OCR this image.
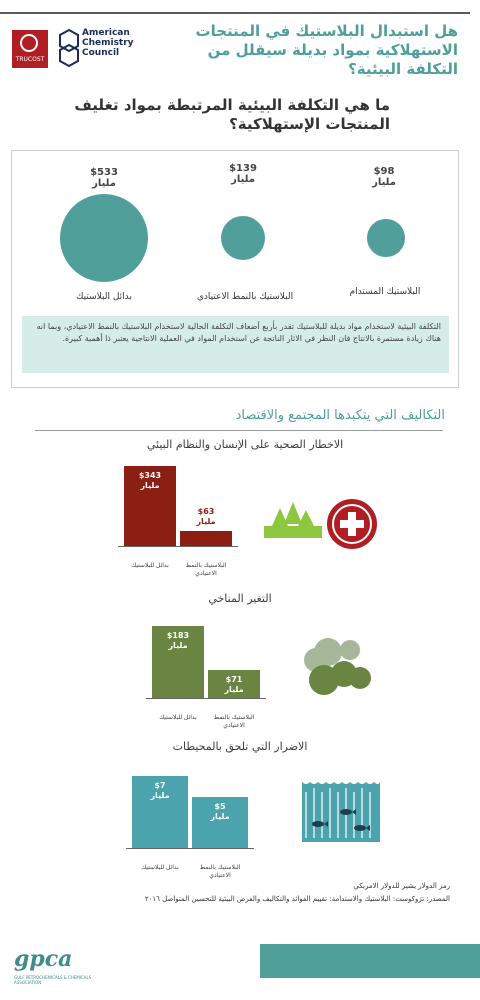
TRUCOST
American
Chemistry
Council
هل استبدال البلاستيك في المنتجات الاستهلاكية بمواد بديلة سيقلل من التكلفة البيئية؟
ما هي التكلفة البيئية المرتبطة بمواد تغليف المنتجات الإستهلاكية؟
$533
مليار
بدائل البلاستيك
$139
مليار
البلاستيك بالنمط الاعتيادي
$98
مليار
البلاستيك المستدام
التكلفة البيئية لاستخدام مواد بديلة للبلاستيك تقدر بأربع أضعاف التكلفة الحالية لاستخدام البلاستيك بالنمط الاعتيادي، وبما انه هناك زيادة مستمرة بالانتاج فان النظر في الاثار الناتجة عن استخدام المواد في العملية الانتاجية يعتبر ذا أهمية كبيرة.
التكاليف التي يتكبدها المجتمع والاقتصاد
الاخطار الصحية على الإنسان والنظام البيئي
$343
مليار
بدائل للبلاستيك
$63
مليار
البلاستيك بالنمط الاعتيادي
التغير المناخي
$183
مليار
بدائل للبلاستيك
$71
مليار
البلاستيك بالنمط الاعتيادي
الاضرار التي تلحق بالمحيطات
$7
مليار
بدائل للبلاستيك
$5
مليار
البلاستيك بالنمط الاعتيادي
رمز الدولار يشير للدولار الامريكي
المصدر: ترَوكوست: البلاستيك والاستدامة: تقييم الفوائد والتكاليف والفرص البيئية للتحسين المتواصل ٢٠١٦
gpca
GULF PETROCHEMICALS & CHEMICALS ASSOCIATION
